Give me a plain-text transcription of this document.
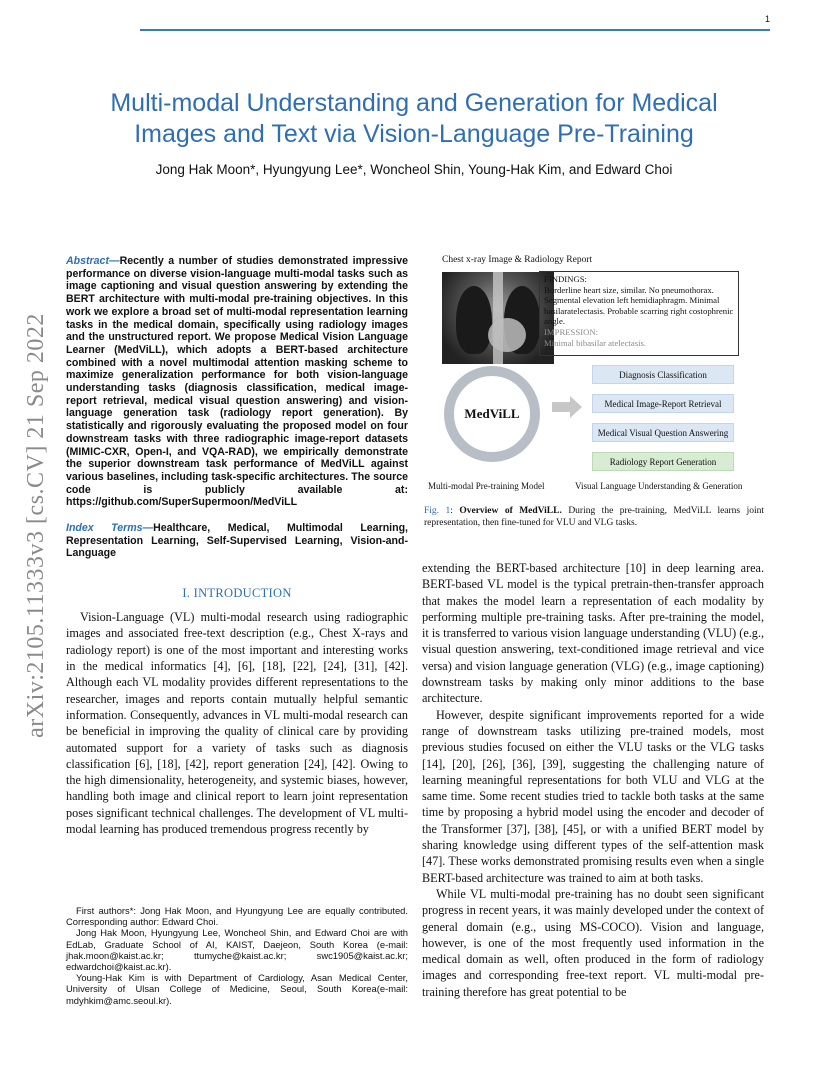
1
arXiv:2105.11333v3 [cs.CV] 21 Sep 2022
Multi-modal Understanding and Generation for Medical
Images and Text via Vision-Language Pre-Training
Jong Hak Moon*, Hyungyung Lee*, Woncheol Shin, Young-Hak Kim, and Edward Choi

Abstract—Recently a number of studies demonstrated impressive performance on diverse vision-language multi-modal tasks such as image captioning and visual question answering by extending the BERT architecture with multi-modal pre-training objectives. In this work we explore a broad set of multi-modal representation learning tasks in the medical domain, specifically using radiology images and the unstructured report. We propose Medical Vision Language Learner (MedViLL), which adopts a BERT-based architecture combined with a novel multimodal attention masking scheme to maximize generalization performance for both vision-language understanding tasks (diagnosis classification, medical image-report retrieval, medical visual question answering) and vision-language generation task (radiology report generation). By statistically and rigorously evaluating the proposed model on four downstream tasks with three radiographic image-report datasets (MIMIC-CXR, Open-I, and VQA-RAD), we empirically demonstrate the superior downstream task performance of MedViLL against various baselines, including task-specific architectures. The source code is publicly available at: https://github.com/SuperSupermoon/MedViLL

Index Terms—Healthcare, Medical, Multimodal Learning, Representation Learning, Self-Supervised Learning, Vision-and-Language

I. INTRODUCTION

Vision-Language (VL) multi-modal research using radiographic images and associated free-text description (e.g., Chest X-rays and radiology report) is one of the most important and interesting works in the medical informatics [4], [6], [18], [22], [24], [31], [42]. Although each VL modality provides different representations to the researcher, images and reports contain mutually helpful semantic information. Consequently, advances in VL multi-modal research can be beneficial in improving the quality of clinical care by providing automated support for a variety of tasks such as diagnosis classification [6], [18], [42], report generation [24], [42]. Owing to the high dimensionality, heterogeneity, and systemic biases, however, handling both image and clinical report to learn joint representation poses significant technical challenges. The development of VL multi-modal learning has produced tremendous progress recently by

First authors*: Jong Hak Moon, and Hyungyung Lee are equally contributed. Corresponding author: Edward Choi.

Jong Hak Moon, Hyungyung Lee, Woncheol Shin, and Edward Choi are with EdLab, Graduate School of AI, KAIST, Daejeon, South Korea (e-mail: jhak.moon@kaist.ac.kr; ttumyche@kaist.ac.kr; swc1905@kaist.ac.kr; edwardchoi@kaist.ac.kr).

Young-Hak Kim is with Department of Cardiology, Asan Medical Center, University of Ulsan College of Medicine, Seoul, South Korea(e-mail: mdyhkim@amc.seoul.kr).

Chest x-ray Image & Radiology Report
FINDINGS:
Borderline heart size, similar. No pneumothorax. Segmental elevation left hemidiaphragm. Minimal basilaratelectasis. Probable scarring right costophrenic angle.
IMPRESSION:
Minimal bibasilar atelectasis.
MedViLL
Diagnosis Classification
Medical Image-Report Retrieval
Medical Visual Question Answering
Radiology Report Generation
Multi-modal Pre-training Model	Visual Language Understanding & Generation
Fig. 1: Overview of MedViLL. During the pre-training, MedViLL learns joint representation, then fine-tuned for VLU and VLG tasks.

extending the BERT-based architecture [10] in deep learning area. BERT-based VL model is the typical pretrain-then-transfer approach that makes the model learn a representation of each modality by performing multiple pre-training tasks. After pre-training the model, it is transferred to various vision language understanding (VLU) (e.g., visual question answering, text-conditioned image retrieval and vice versa) and vision language generation (VLG) (e.g., image captioning) downstream tasks by making only minor additions to the base architecture.

However, despite significant improvements reported for a wide range of downstream tasks utilizing pre-trained models, most previous studies focused on either the VLU tasks or the VLG tasks [14], [20], [26], [36], [39], suggesting the challenging nature of learning meaningful representations for both VLU and VLG at the same time. Some recent studies tried to tackle both tasks at the same time by proposing a hybrid model using the encoder and decoder of the Transformer [37], [38], [45], or with a unified BERT model by sharing knowledge using different types of the self-attention mask [47]. These works demonstrated promising results even when a single BERT-based architecture was trained to aim at both tasks.

While VL multi-modal pre-training has no doubt seen significant progress in recent years, it was mainly developed under the context of general domain (e.g., using MS-COCO). Vision and language, however, is one of the most frequently used information in the medical domain as well, often produced in the form of radiology images and corresponding free-text report. VL multi-modal pre-training therefore has great potential to be
